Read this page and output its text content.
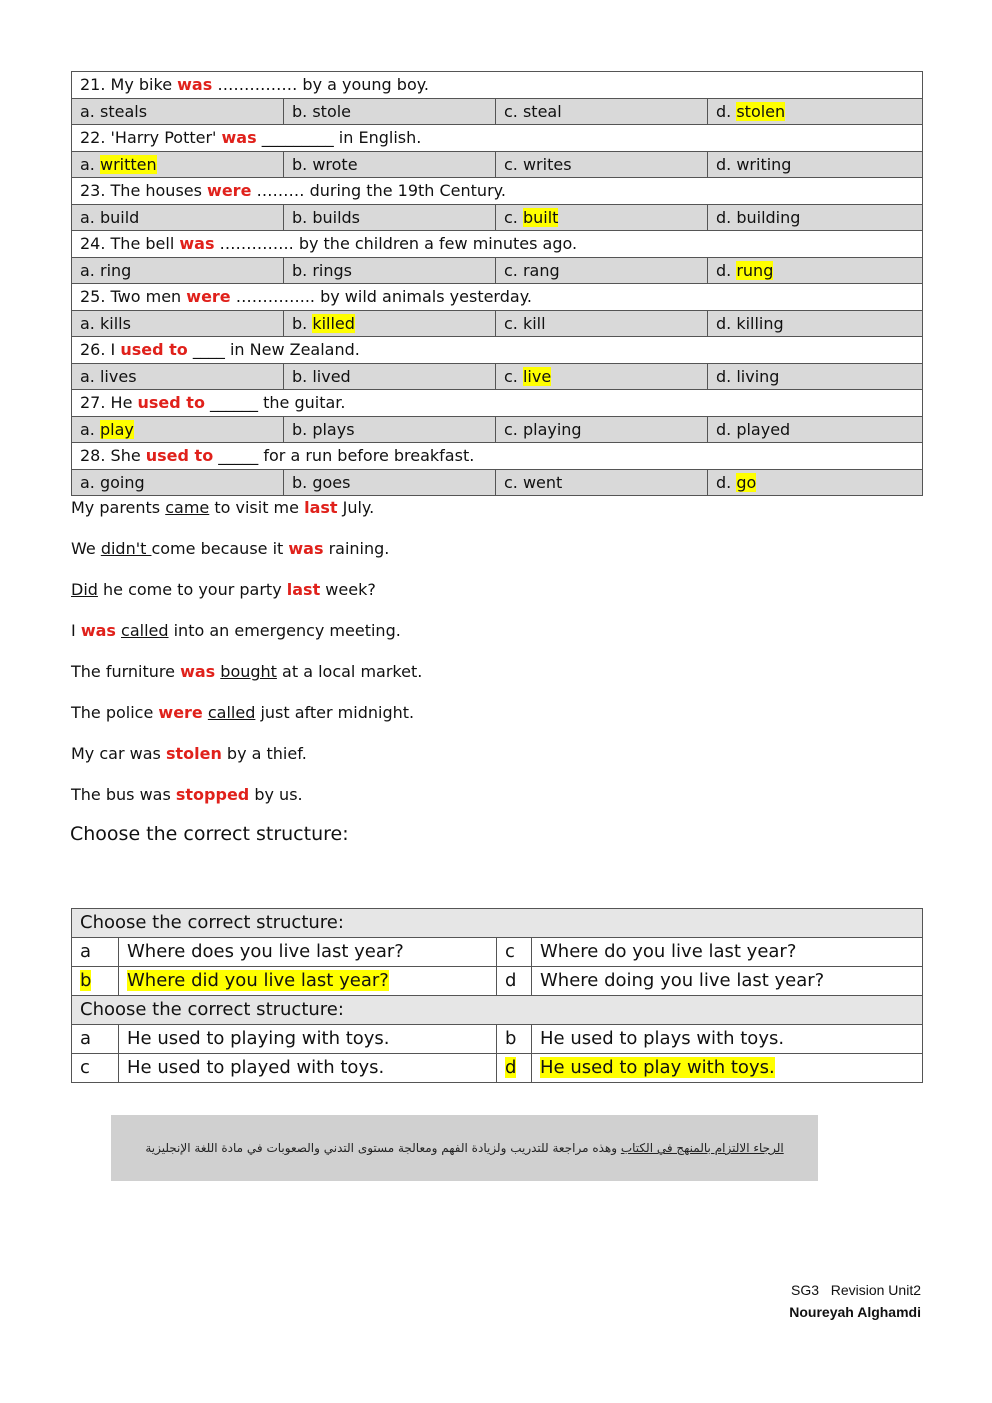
21. My bike was …………… by a young boy.			
a. steals	b. stole	c. steal	d. stolen
22. 'Harry Potter' was _________ in English.			
a. written	b. wrote	c. writes	d. writing
23. The houses were ……… during the 19th Century.			
a. build	b. builds	c. built	d. building
24. The bell was ………….. by the children a few minutes ago.			
a. ring	b. rings	c. rang	d. rung
25. Two men were …………... by wild animals yesterday.			
a. kills	b. killed	c. kill	d. killing
26. I used to ____ in New Zealand.			
a. lives	b. lived	c. live	d. living
27. He used to ______ the guitar.			
a. play	b. plays	c. playing	d. played
28. She used to _____ for a run before breakfast.			
a. going	b. goes	c. went	d. go
My parents came to visit me last July.
We didn't come because it was raining.
Did he come to your party last week?
I was called into an emergency meeting.
The furniture was bought at a local market.
The police were called just after midnight.
My car was stolen by a thief.
The bus was stopped by us.
Choose the correct structure:
Choose the correct structure:			
a	Where does you live last year?	c	Where do you live last year?
b	Where did you live last year?	d	Where doing you live last year?
Choose the correct structure:			
a	He used to playing with toys.	b	He used to plays with toys.
c	He used to played with toys.	d	He used to play with toys.
الرجاء الالتزام بالمنهج في الكتاب وهذه مراجعة للتدريب ولزيادة الفهم ومعالجة مستوى التدني والصعوبات في مادة اللغة الإنجليزية
SG3   Revision Unit2
Noureyah Alghamdi
